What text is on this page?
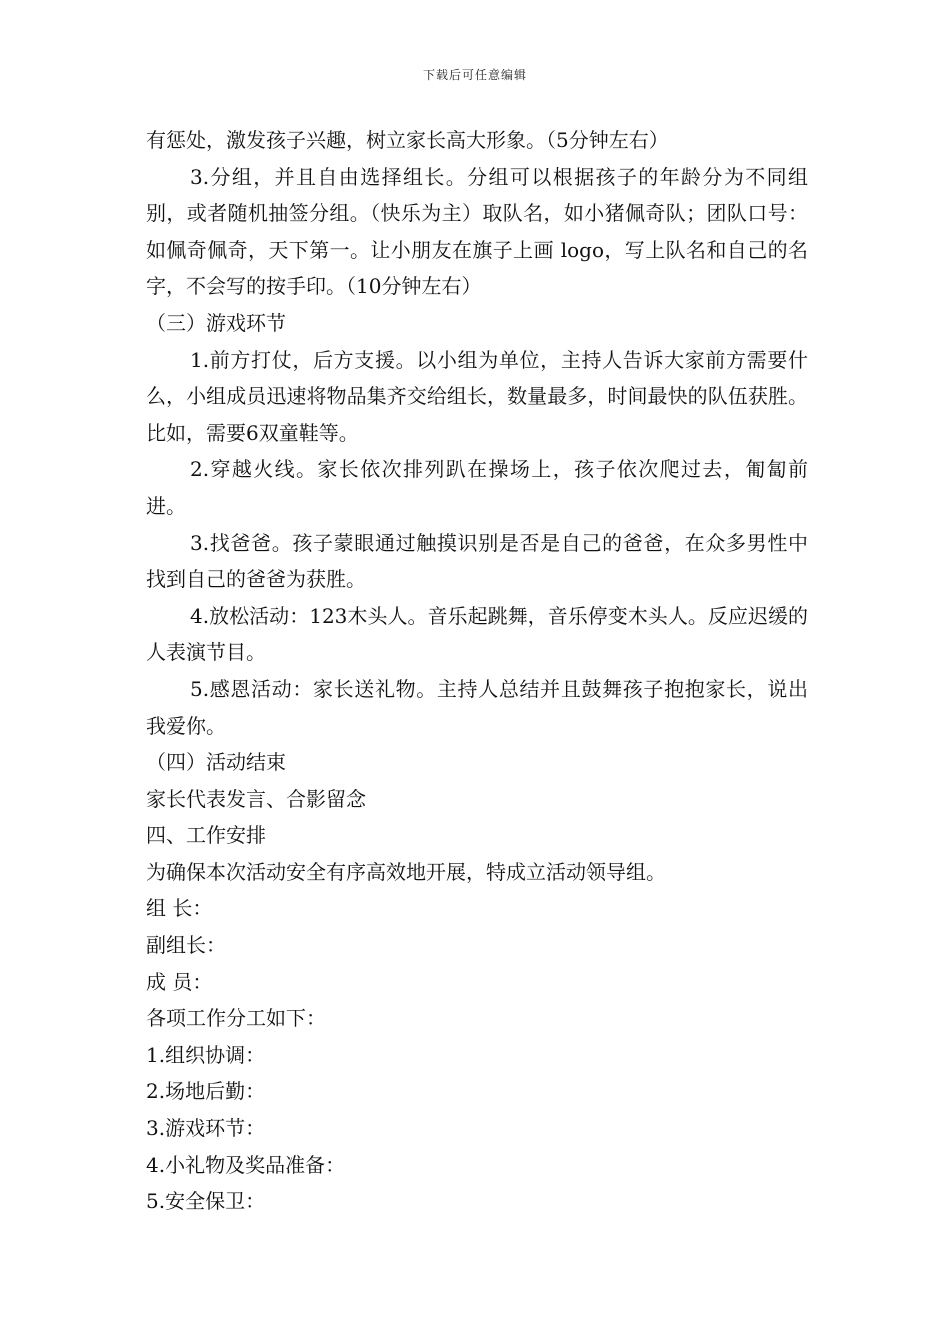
下载后可任意编辑

有惩处，激发孩子兴趣，树立家长高大形象。（5分钟左右）

3.分组，并且自由选择组长。分组可以根据孩子的年龄分为不同组别，或者随机抽签分组。（快乐为主）取队名，如小猪佩奇队；团队口号：如佩奇佩奇，天下第一。让小朋友在旗子上画 logo，写上队名和自己的名字，不会写的按手印。（10分钟左右）

（三）游戏环节

1.前方打仗，后方支援。以小组为单位，主持人告诉大家前方需要什么，小组成员迅速将物品集齐交给组长，数量最多，时间最快的队伍获胜。比如，需要6双童鞋等。

2.穿越火线。家长依次排列趴在操场上，孩子依次爬过去，匍匐前进。

3.找爸爸。孩子蒙眼通过触摸识别是否是自己的爸爸，在众多男性中找到自己的爸爸为获胜。

4.放松活动：123木头人。音乐起跳舞，音乐停变木头人。反应迟缓的人表演节目。

5.感恩活动：家长送礼物。主持人总结并且鼓舞孩子抱抱家长，说出我爱你。

（四）活动结束

家长代表发言、合影留念

四、工作安排

为确保本次活动安全有序高效地开展，特成立活动领导组。

组 长：

副组长：

成 员：

各项工作分工如下：

1.组织协调：

2.场地后勤：

3.游戏环节：

4.小礼物及奖品准备：

5.安全保卫：
